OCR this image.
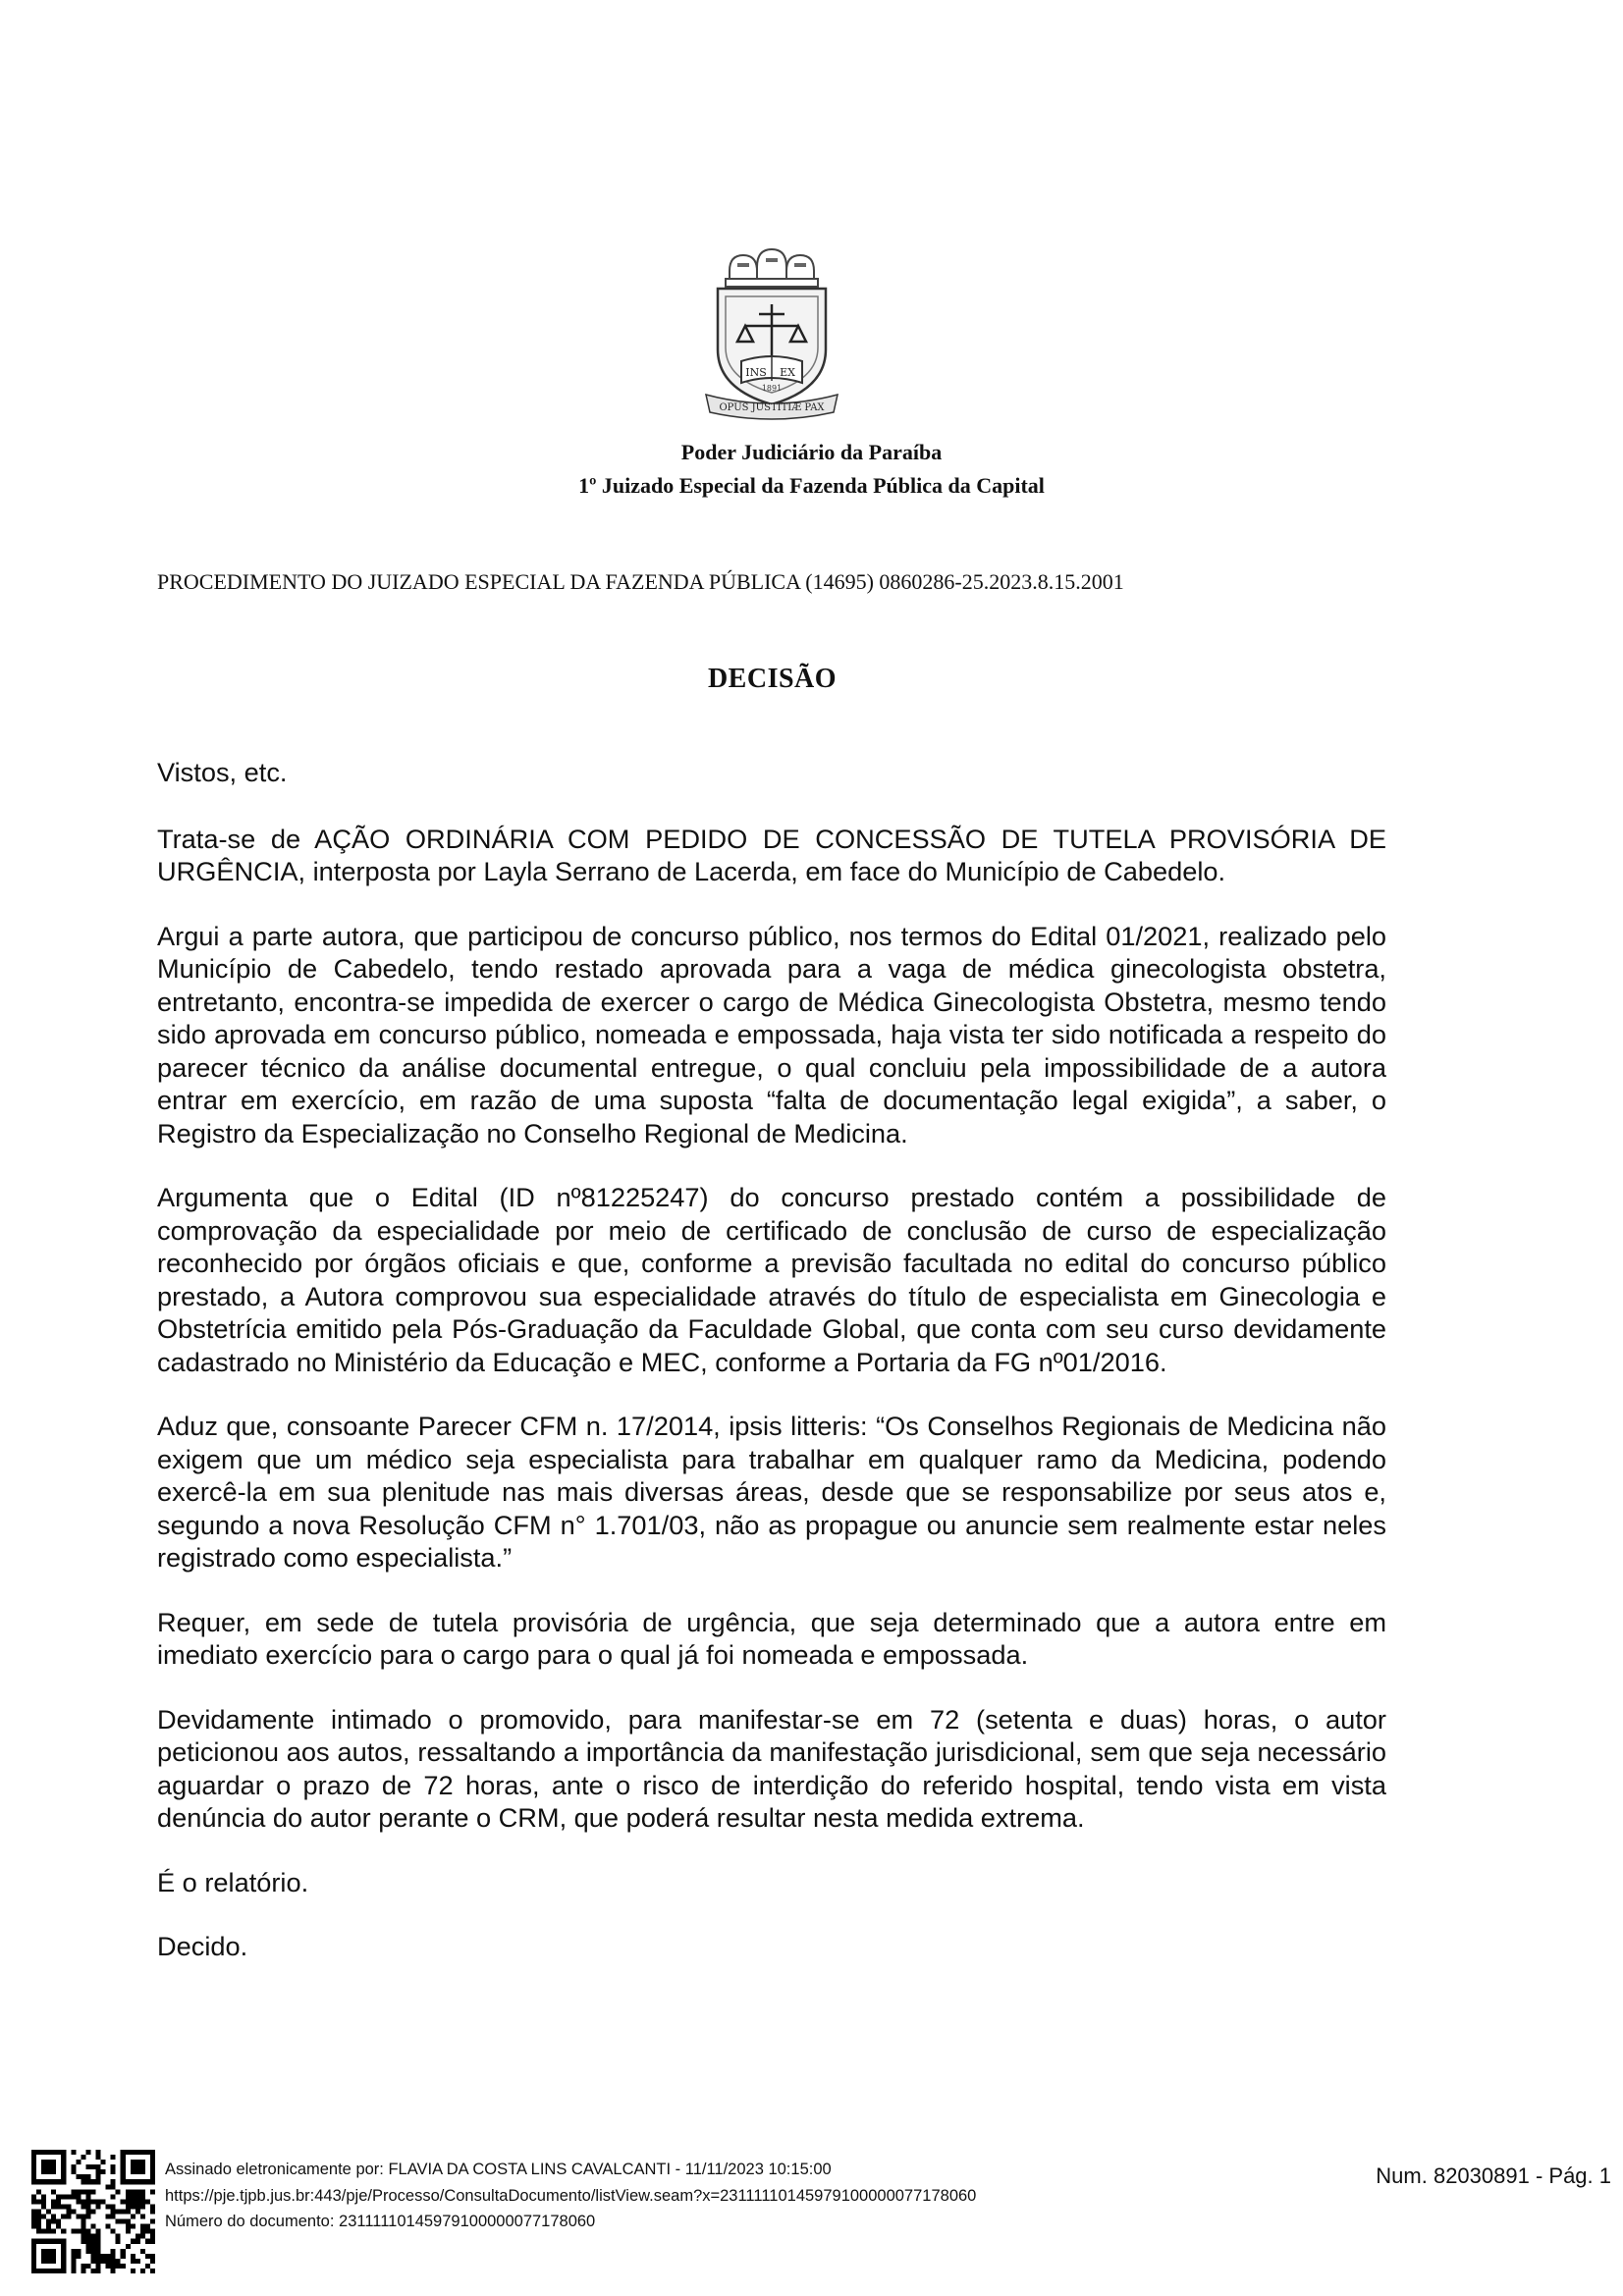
INS EX
1891
OPUS JUSTITIÆ PAX
Poder Judiciário da Paraíba
1º Juizado Especial da Fazenda Pública da Capital
PROCEDIMENTO DO JUIZADO ESPECIAL DA FAZENDA PÚBLICA (14695) 0860286-25.2023.8.15.2001
DECISÃO

Vistos, etc.

Trata-se de AÇÃO ORDINÁRIA COM PEDIDO DE CONCESSÃO DE TUTELA PROVISÓRIA DE URGÊNCIA, interposta por Layla Serrano de Lacerda, em face do Município de Cabedelo.

Argui a parte autora, que participou de concurso público, nos termos do Edital 01/2021, realizado pelo Município de Cabedelo, tendo restado aprovada para a vaga de médica ginecologista obstetra, entretanto, encontra-se impedida de exercer o cargo de Médica Ginecologista Obstetra, mesmo tendo sido aprovada em concurso público, nomeada e empossada, haja vista ter sido notificada a respeito do parecer técnico da análise documental entregue, o qual concluiu pela impossibilidade de a autora entrar em exercício, em razão de uma suposta “falta de documentação legal exigida”, a saber, o Registro da Especialização no Conselho Regional de Medicina.

Argumenta que o Edital (ID nº81225247) do concurso prestado contém a possibilidade de comprovação da especialidade por meio de certificado de conclusão de curso de especialização reconhecido por órgãos oficiais e que, conforme a previsão facultada no edital do concurso público prestado, a Autora comprovou sua especialidade através do título de especialista em Ginecologia e Obstetrícia emitido pela Pós-Graduação da Faculdade Global, que conta com seu curso devidamente cadastrado no Ministério da Educação e MEC, conforme a Portaria da FG nº01/2016.

Aduz que, consoante Parecer CFM n. 17/2014, ipsis litteris: “Os Conselhos Regionais de Medicina não exigem que um médico seja especialista para trabalhar em qualquer ramo da Medicina, podendo exercê-la em sua plenitude nas mais diversas áreas, desde que se responsabilize por seus atos e, segundo a nova Resolução CFM n° 1.701/03, não as propague ou anuncie sem realmente estar neles registrado como especialista.”

Requer, em sede de tutela provisória de urgência, que seja determinado que a autora entre em imediato exercício para o cargo para o qual já foi nomeada e empossada.

Devidamente intimado o promovido, para manifestar-se em 72 (setenta e duas) horas, o autor peticionou aos autos, ressaltando a importância da manifestação jurisdicional, sem que seja necessário aguardar o prazo de 72 horas, ante o risco de interdição do referido hospital, tendo vista em vista denúncia do autor perante o CRM, que poderá resultar nesta medida extrema.

É o relatório.

Decido.

Assinado eletronicamente por: FLAVIA DA COSTA LINS CAVALCANTI - 11/11/2023 10:15:00
https://pje.tjpb.jus.br:443/pje/Processo/ConsultaDocumento/listView.seam?x=23111110145979100000077178060
Número do documento: 23111110145979100000077178060
Num. 82030891 - Pág. 1
